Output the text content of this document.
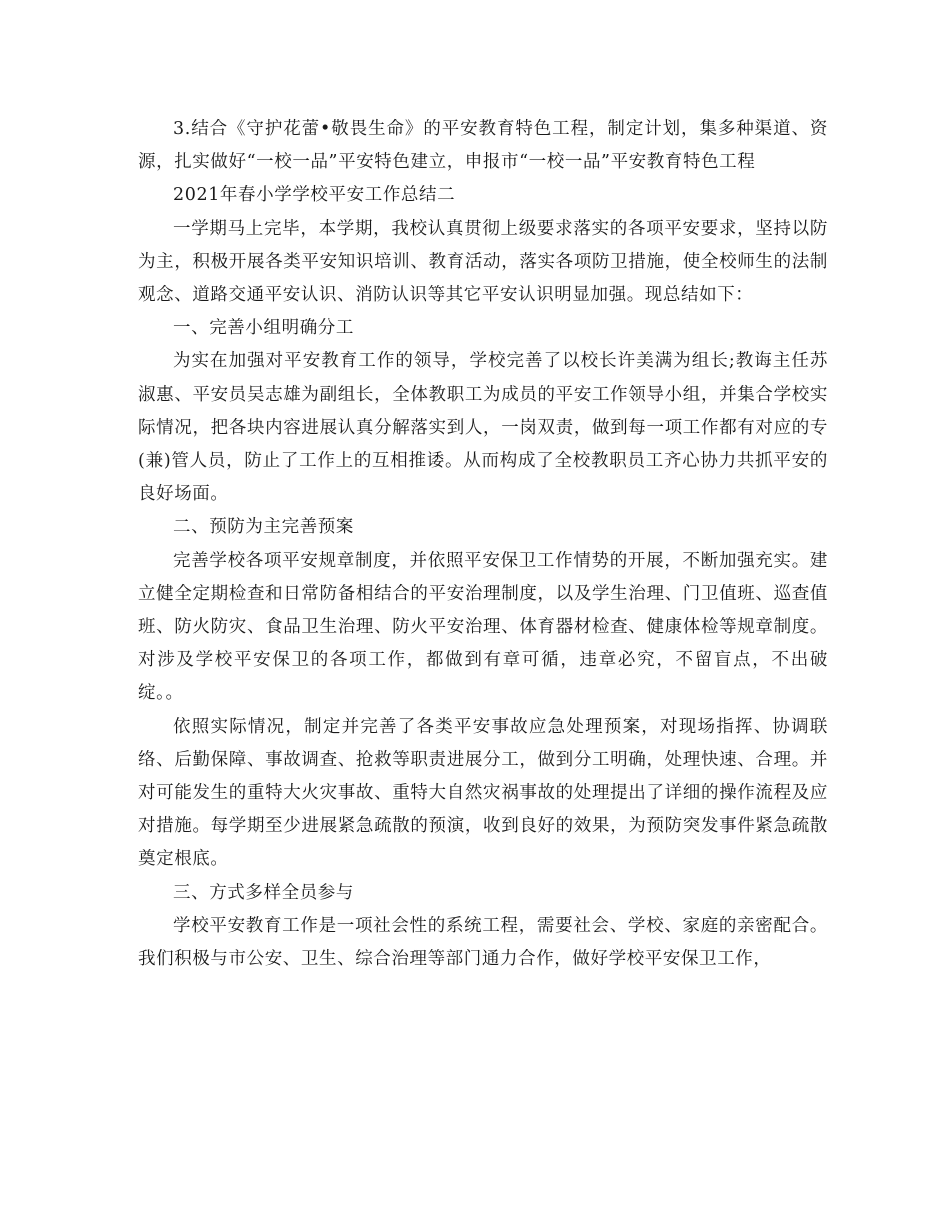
3.结合《守护花蕾•敬畏生命》的平安教育特色工程，制定计划，集多种渠道、资源，扎实做好“一校一品”平安特色建立，申报市“一校一品”平安教育特色工程

2021年春小学学校平安工作总结二

一学期马上完毕，本学期，我校认真贯彻上级要求落实的各项平安要求，坚持以防为主，积极开展各类平安知识培训、教育活动，落实各项防卫措施，使全校师生的法制观念、道路交通平安认识、消防认识等其它平安认识明显加强。现总结如下：

一、完善小组明确分工

为实在加强对平安教育工作的领导，学校完善了以校长许美满为组长;教诲主任苏淑惠、平安员吴志雄为副组长，全体教职工为成员的平安工作领导小组，并集合学校实际情况，把各块内容进展认真分解落实到人，一岗双责，做到每一项工作都有对应的专(兼)管人员，防止了工作上的互相推诿。从而构成了全校教职员工齐心协力共抓平安的良好场面。

二、预防为主完善预案

完善学校各项平安规章制度，并依照平安保卫工作情势的开展，不断加强充实。建立健全定期检查和日常防备相结合的平安治理制度，以及学生治理、门卫值班、巡查值班、防火防灾、食品卫生治理、防火平安治理、体育器材检查、健康体检等规章制度。对涉及学校平安保卫的各项工作，都做到有章可循，违章必究，不留盲点，不出破绽。。

依照实际情况，制定并完善了各类平安事故应急处理预案，对现场指挥、协调联络、后勤保障、事故调查、抢救等职责进展分工，做到分工明确，处理快速、合理。并对可能发生的重特大火灾事故、重特大自然灾祸事故的处理提出了详细的操作流程及应对措施。每学期至少进展紧急疏散的预演，收到良好的效果，为预防突发事件紧急疏散奠定根底。

三、方式多样全员参与

学校平安教育工作是一项社会性的系统工程，需要社会、学校、家庭的亲密配合。我们积极与市公安、卫生、综合治理等部门通力合作，做好学校平安保卫工作，
